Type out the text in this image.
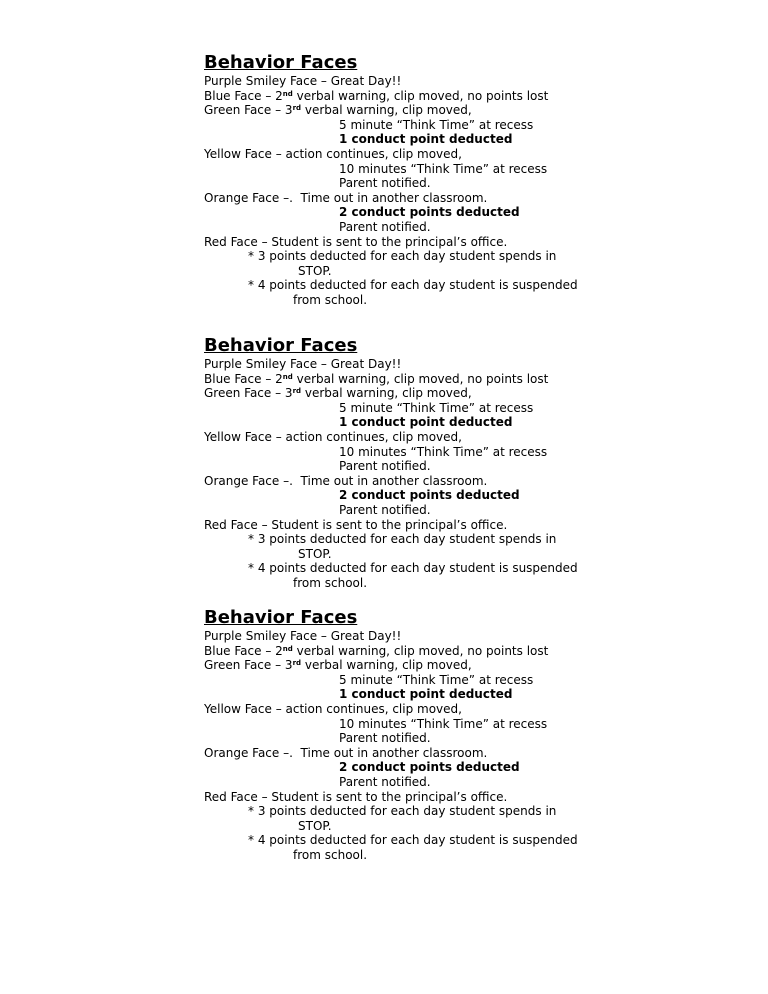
Behavior Faces
Purple Smiley Face – Great Day!!
Blue Face – 2nd verbal warning, clip moved, no points lost
Green Face – 3rd verbal warning, clip moved,
5 minute “Think Time” at recess
1 conduct point deducted
Yellow Face – action continues, clip moved,
10 minutes “Think Time” at recess
Parent notified.
Orange Face –.  Time out in another classroom.
2 conduct points deducted
Parent notified.
Red Face – Student is sent to the principal’s office.
* 3 points deducted for each day student spends in
STOP.
* 4 points deducted for each day student is suspended
from school.
Behavior Faces
Purple Smiley Face – Great Day!!
Blue Face – 2nd verbal warning, clip moved, no points lost
Green Face – 3rd verbal warning, clip moved,
5 minute “Think Time” at recess
1 conduct point deducted
Yellow Face – action continues, clip moved,
10 minutes “Think Time” at recess
Parent notified.
Orange Face –.  Time out in another classroom.
2 conduct points deducted
Parent notified.
Red Face – Student is sent to the principal’s office.
* 3 points deducted for each day student spends in
STOP.
* 4 points deducted for each day student is suspended
from school.
Behavior Faces
Purple Smiley Face – Great Day!!
Blue Face – 2nd verbal warning, clip moved, no points lost
Green Face – 3rd verbal warning, clip moved,
5 minute “Think Time” at recess
1 conduct point deducted
Yellow Face – action continues, clip moved,
10 minutes “Think Time” at recess
Parent notified.
Orange Face –.  Time out in another classroom.
2 conduct points deducted
Parent notified.
Red Face – Student is sent to the principal’s office.
* 3 points deducted for each day student spends in
STOP.
* 4 points deducted for each day student is suspended
from school.
